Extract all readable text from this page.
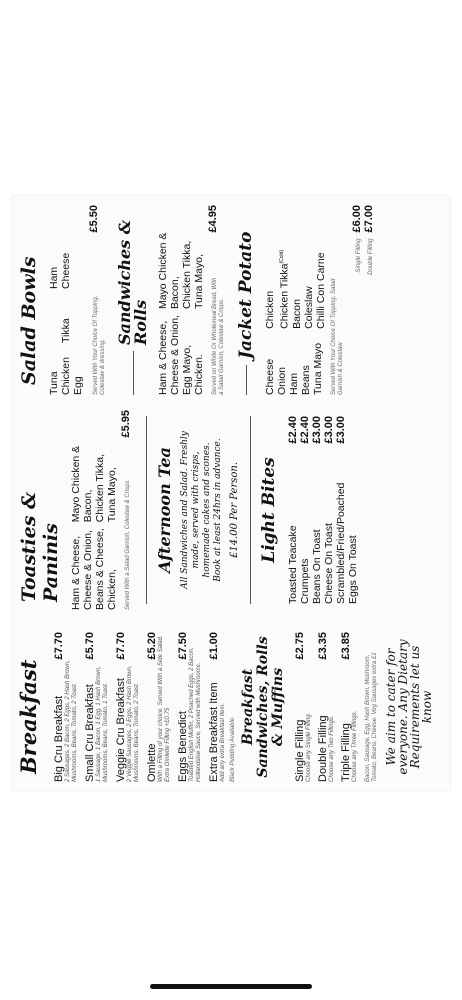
Breakfast Big Cru Breakfast
£7.70
2 Sausages, 2 Bacon, 2 Eggs, 2 Hash Brown, Mushrooms, Beans, Tomato, 2 Toast. Small Cru Breakfast
£5.70
1 Sausage, 1 Bacon, 1 Egg, 1 Hash Brown, Mushrooms, Beans, Tomato, 1 Toast. Veggie Cru Breakfast
£7.70
2 Veggie Sausages, 2 Eggs, 2 Hash Brown, Mushrooms, Beans, Tomato, 2 Toast. Omlette
£5.20 With a Filling of your choice. Served With a Side Salad. Extra Omlette Filling +£0.75 Eggs Benedict
£7.50
Toasted English Muffin, 2 Poached Eggs, 2 Bacon, Hollandaise Sauce, Served with Mushrooms. Extra Breakfast Item
£1.00
Add any extra Breakfast Item. Black Pudding Available.
Breakfast Sandwiches, Rolls & Muffins
Single Filling
£2.75
Choose any Single Filling. Double Filling
£3.35
Choose any Two Fillings. Triple Filling
£3.85
Choose any Three Fillings. Bacon, Sausage, Egg, Hash Brown, Mushroom, Tomato, Beans, Cheese. Veg Sausages extra £1 We aim to cater for
everyone. Any Dietary
Requirements let us know
Toasties & Paninis Ham & Cheese, Cheese & Onion, Beans & Cheese, Chicken,
Mayo Chicken & Bacon, Chicken Tikka, Tuna Mayo, Served With a Salad Garnish, Coleslaw & Crisps.
£5.95
Afternoon Tea All Sandwiches and Salad. Freshly made, served with crisps, homemade cakes and scones. Book at least 24hrs in advance. £14.00 Per Person. Light Bites
Toasted Teacake
£2.40
Crumpets
£2.40
Beans On Toast
£3.00
Cheese On Toast
£3.00
Scrambled/Fried/Poached
£3.00
Eggs On Toast
Salad Bowls Tuna Chicken Egg

Tikka

Ham Cheese
Served With Your Choice Of Topping, Coleslaw & dressing.
£5.50
Sandwiches &
Rolls Ham & Cheese, Cheese & Onion, Egg Mayo, Chicken.
Mayo Chicken & Bacon, Chicken Tikka, Tuna Mayo, Served on White Or Wholemeal Bread, With a Salad Garnish, Coleslaw & Crisps.
£4.95
Jacket Potato
Cheese Onion Ham Beans Tuna Mayo
Chicken Chicken Tikka$^{(Cold)}$
Bacon Coleslaw Chilli Con Carne Served With Your Choice Of Topping, Salad Garnish & Coleslaw
Single Filling
£6.00
Double Filling
£7.00
